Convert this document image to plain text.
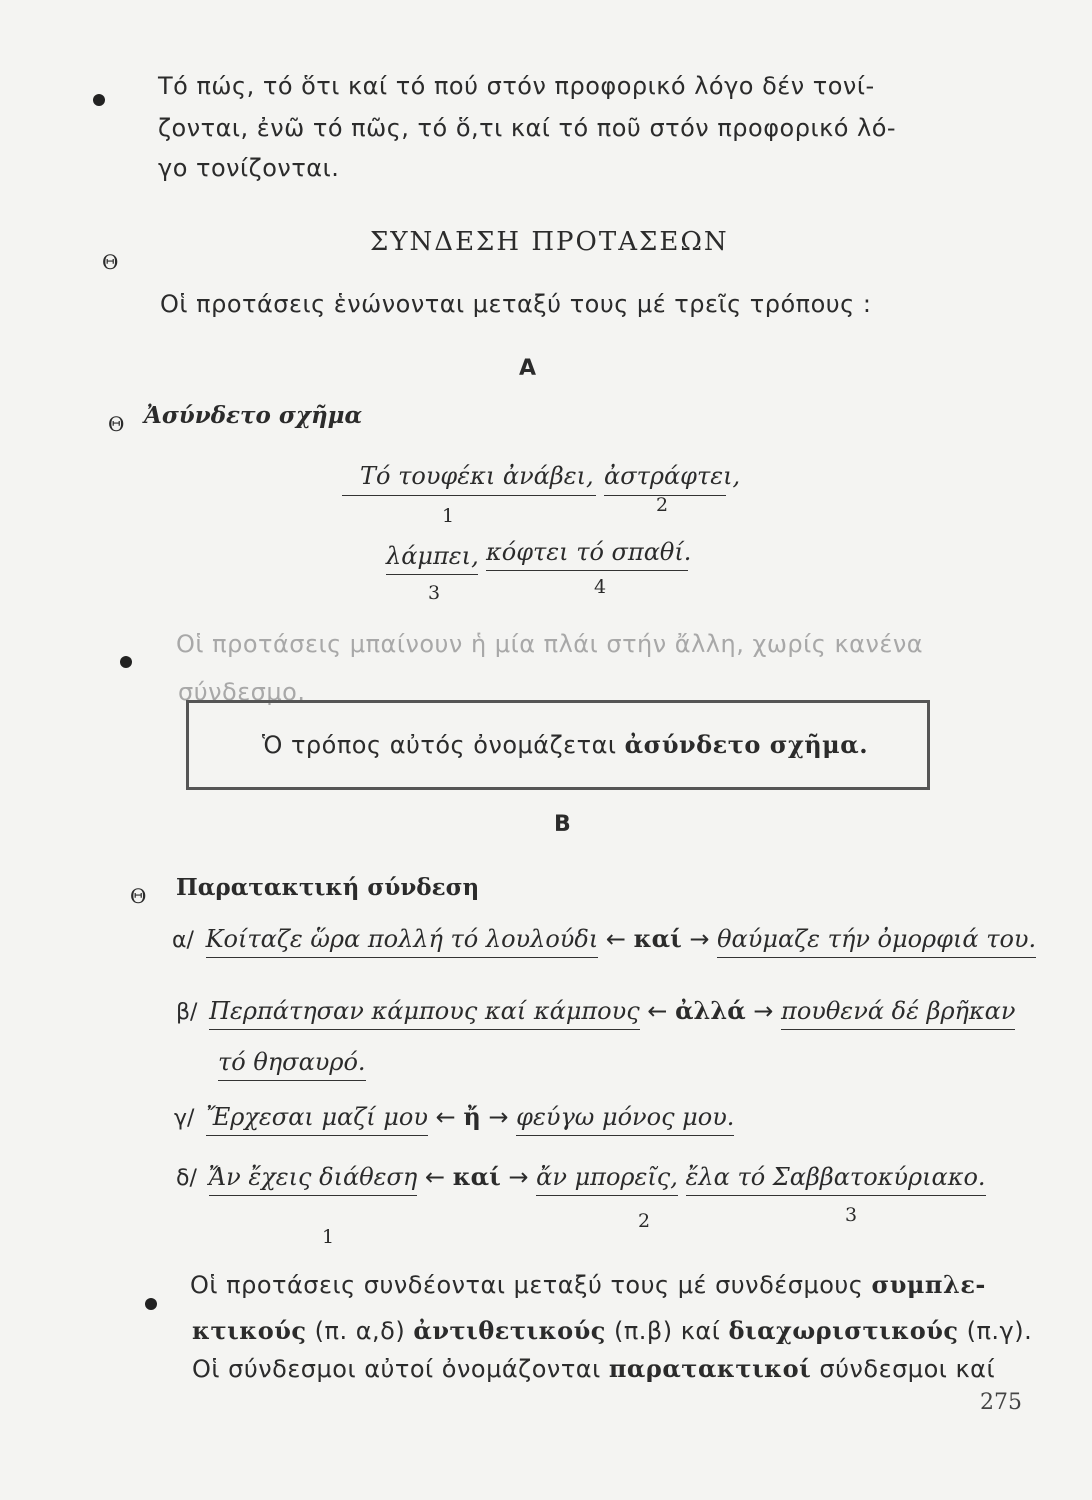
Τό πώς, τό ὅτι καί τό πού στόν προφορικό λόγο δέν τονί-
ζονται, ἐνῶ τό πῶς, τό ὅ,τι καί τό ποῦ στόν προφορικό λό-
γο τονίζονται.
Θ
ΣΥΝΔΕΣΗ ΠΡΟΤΑΣΕΩΝ
Οἱ προτάσεις ἑνώνονται μεταξύ τους μέ τρεῖς τρόπους :
Α
Θ Ἀσύνδετο σχῆμα
Τό τουφέκι ἀνάβει, ἀστράφτει,
1	2
λάμπει, κόφτει τό σπαθί.
3	4
Οἱ προτάσεις μπαίνουν ἡ μία πλάι στήν ἄλλη, χωρίς κανένα
σύνδεσμο.
Ὁ τρόπος αὐτός ὀνομάζεται ἀσύνδετο σχῆμα.
Β
Θ Παρατακτική σύνδεση
α/ Κοίταζε ὥρα πολλή τό λουλούδι ← καί → θαύμαζε τήν ὀμορφιά του.
β/ Περπάτησαν κάμπους καί κάμπους ← ἀλλά → πουθενά δέ βρῆκαν
τό θησαυρό.
γ/ Ἔρχεσαι μαζί μου ← ἤ → φεύγω μόνος μου.
δ/ Ἄν ἔχεις διάθεση ← καί → ἄν μπορεῖς, ἔλα τό Σαββατοκύριακο.
1
2	3
Οἱ προτάσεις συνδέονται μεταξύ τους μέ συνδέσμους συμπλε-
κτικούς (π. α,δ) ἀντιθετικούς (π.β) καί διαχωριστικούς (π.γ).
Οἱ σύνδεσμοι αὐτοί ὀνομάζονται παρατακτικοί σύνδεσμοι καί
275
